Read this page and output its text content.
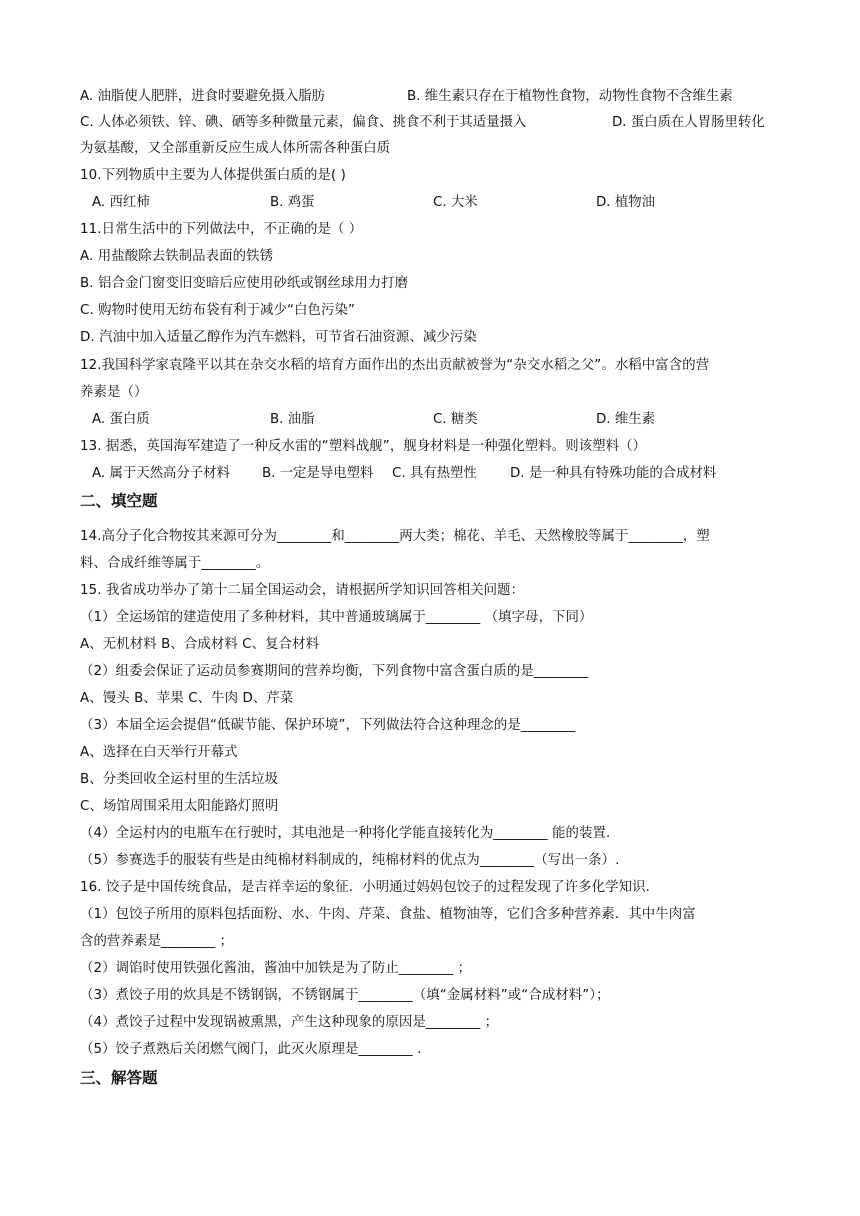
A. 油脂使人肥胖，进食时要避免摄入脂肪	B. 维生素只存在于植物性食物，动物性食物不含维生素
C. 人体必须铁、锌、碘、硒等多种微量元素，偏食、挑食不利于其适量摄入	D. 蛋白质在人胃肠里转化
为氨基酸，又全部重新反应生成人体所需各种蛋白质
10.下列物质中主要为人体提供蛋白质的是( )
A. 西红柿	B. 鸡蛋	C. 大米	D. 植物油
11.日常生活中的下列做法中，不正确的是（ ）
A. 用盐酸除去铁制品表面的铁锈
B. 铝合金门窗变旧变暗后应使用砂纸或钢丝球用力打磨
C. 购物时使用无纺布袋有利于减少“白色污染”
D. 汽油中加入适量乙醇作为汽车燃料，可节省石油资源、减少污染
12.我国科学家袁隆平以其在杂交水稻的培育方面作出的杰出贡献被誉为“杂交水稻之父”。水稻中富含的营
养素是（）
A. 蛋白质	B. 油脂	C. 糖类	D. 维生素
13. 据悉，英国海军建造了一种反水雷的“塑料战舰”，舰身材料是一种强化塑料。则该塑料（）
A. 属于天然高分子材料 B. 一定是导电塑料 C. 具有热塑性 D. 是一种具有特殊功能的合成材料
二、填空题
14.高分子化合物按其来源可分为________和________两大类；棉花、羊毛、天然橡胶等属于________，塑
料、合成纤维等属于________。
15. 我省成功举办了第十二届全国运动会，请根据所学知识回答相关问题：
（1）全运场馆的建造使用了多种材料，其中普通玻璃属于________ （填字母，下同）
A、无机材料 B、合成材料 C、复合材料
（2）组委会保证了运动员参赛期间的营养均衡，下列食物中富含蛋白质的是________
A、馒头 B、苹果 C、牛肉 D、芹菜
（3）本届全运会提倡“低碳节能、保护环境”，下列做法符合这种理念的是________
A、选择在白天举行开幕式
B、分类回收全运村里的生活垃圾
C、场馆周围采用太阳能路灯照明
（4）全运村内的电瓶车在行驶时，其电池是一种将化学能直接转化为________ 能的装置.
（5）参赛选手的服装有些是由纯棉材料制成的，纯棉材料的优点为________（写出一条）.
16. 饺子是中国传统食品，是吉祥幸运的象征．小明通过妈妈包饺子的过程发现了许多化学知识．
（1）包饺子所用的原料包括面粉、水、牛肉、芹菜、食盐、植物油等，它们含多种营养素．其中牛肉富
含的营养素是________ ；
（2）调馅时使用铁强化酱油，酱油中加铁是为了防止________ ；
（3）煮饺子用的炊具是不锈钢锅，不锈钢属于________（填“金属材料”或“合成材料”）；
（4）煮饺子过程中发现锅被熏黑，产生这种现象的原因是________ ；
（5）饺子煮熟后关闭燃气阀门，此灭火原理是________ .
三、解答题
